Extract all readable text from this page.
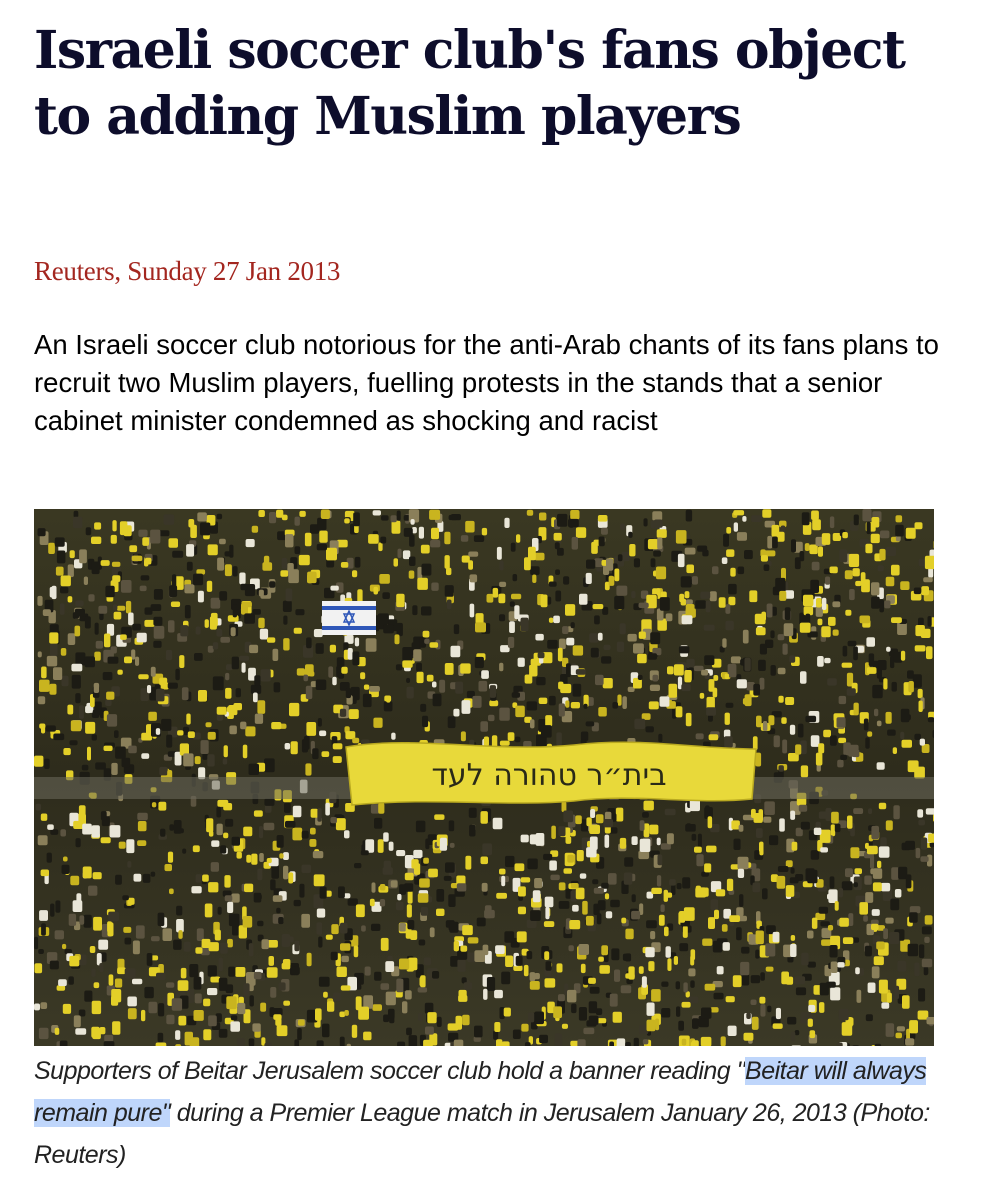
Israeli soccer club's fans object to adding Muslim players
Reuters, Sunday 27 Jan 2013

An Israeli soccer club notorious for the anti-Arab chants of its fans plans to recruit two Muslim players, fuelling protests in the stands that a senior cabinet minister condemned as shocking and racist

בית״ר טהורה לעד

Supporters of Beitar Jerusalem soccer club hold a banner reading "Beitar will always remain pure" during a Premier League match in Jerusalem January 26, 2013 (Photo: Reuters)
